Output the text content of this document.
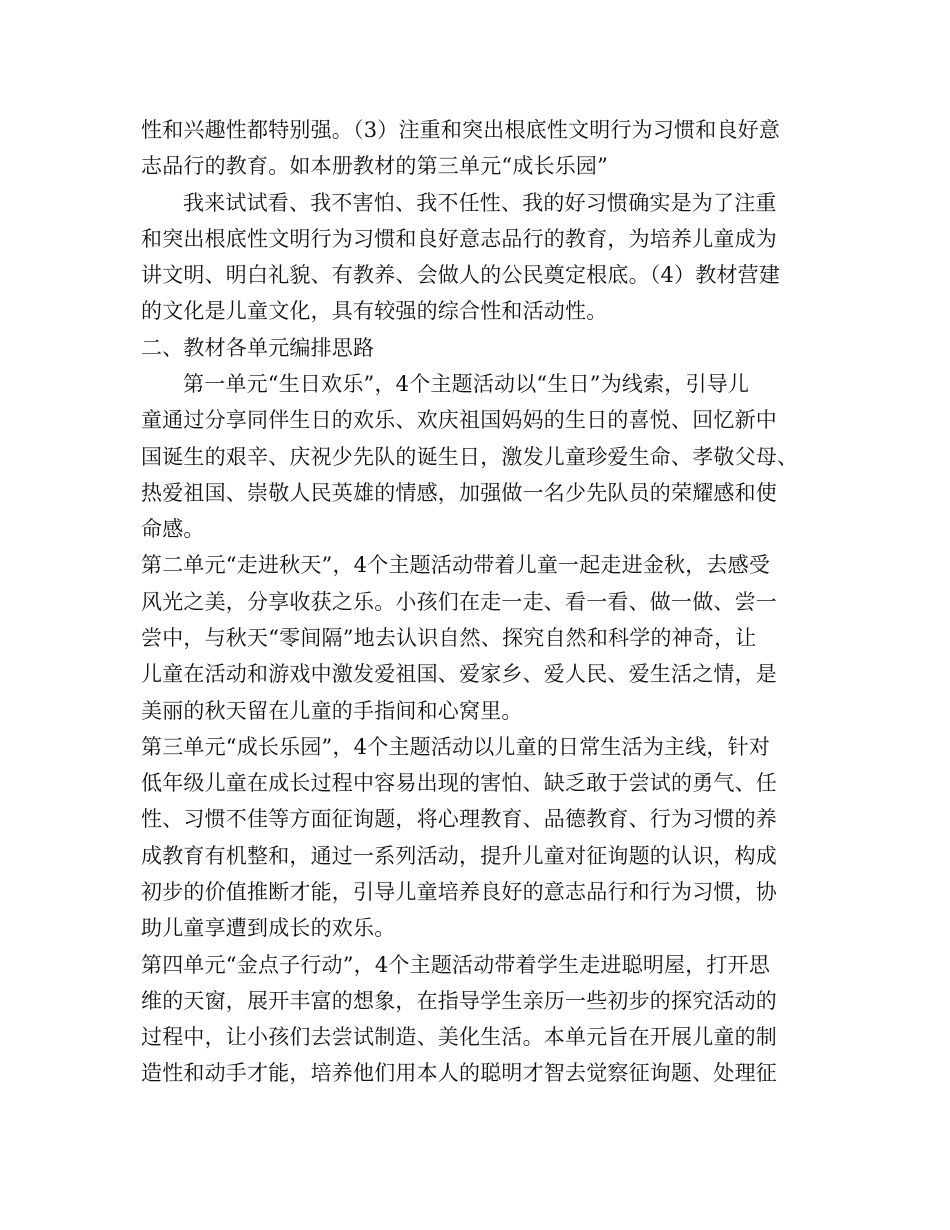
性和兴趣性都特别强。（3）注重和突出根底性文明行为习惯和良好意
志品行的教育。如本册教材的第三单元“成长乐园”
我来试试看、我不害怕、我不任性、我的好习惯确实是为了注重
和突出根底性文明行为习惯和良好意志品行的教育，为培养儿童成为
讲文明、明白礼貌、有教养、会做人的公民奠定根底。（4）教材营建
的文化是儿童文化，具有较强的综合性和活动性。
二、教材各单元编排思路
第一单元“生日欢乐”，4个主题活动以“生日”为线索，引导儿
童通过分享同伴生日的欢乐、欢庆祖国妈妈的生日的喜悦、回忆新中
国诞生的艰辛、庆祝少先队的诞生日，激发儿童珍爱生命、孝敬父母、
热爱祖国、崇敬人民英雄的情感，加强做一名少先队员的荣耀感和使
命感。
第二单元“走进秋天”，4个主题活动带着儿童一起走进金秋，去感受
风光之美，分享收获之乐。小孩们在走一走、看一看、做一做、尝一
尝中，与秋天“零间隔”地去认识自然、探究自然和科学的神奇，让
儿童在活动和游戏中激发爱祖国、爱家乡、爱人民、爱生活之情，是
美丽的秋天留在儿童的手指间和心窝里。
第三单元“成长乐园”，4个主题活动以儿童的日常生活为主线，针对
低年级儿童在成长过程中容易出现的害怕、缺乏敢于尝试的勇气、任
性、习惯不佳等方面征询题，将心理教育、品德教育、行为习惯的养
成教育有机整和，通过一系列活动，提升儿童对征询题的认识，构成
初步的价值推断才能，引导儿童培养良好的意志品行和行为习惯，协
助儿童享遭到成长的欢乐。
第四单元“金点子行动”，4个主题活动带着学生走进聪明屋，打开思
维的天窗，展开丰富的想象，在指导学生亲历一些初步的探究活动的
过程中，让小孩们去尝试制造、美化生活。本单元旨在开展儿童的制
造性和动手才能，培养他们用本人的聪明才智去觉察征询题、处理征
